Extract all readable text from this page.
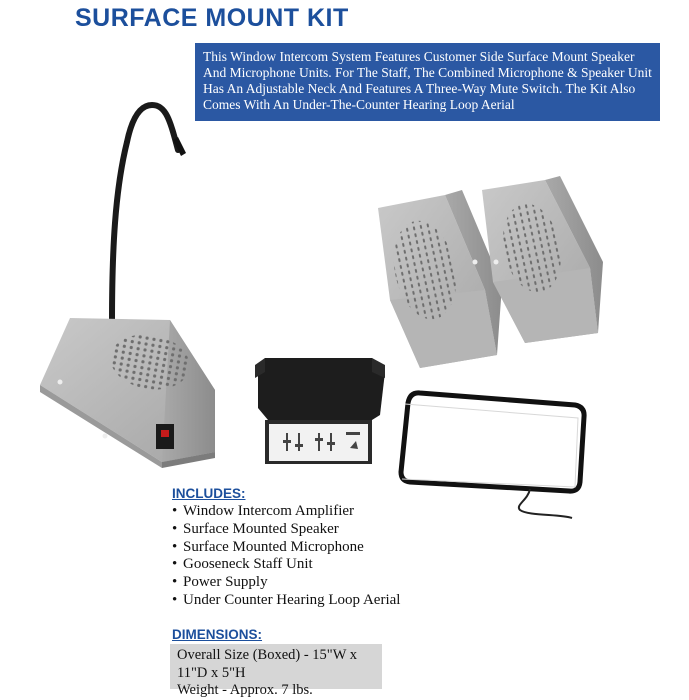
SURFACE MOUNT KIT
This Window Intercom System Features Customer Side Surface Mount Speaker And Microphone Units. For The Staff, The Combined Microphone & Speaker Unit Has An Adjustable Neck And Features A Three-Way Mute Switch. The Kit Also Comes With An Under-The-Counter Hearing Loop Aerial
INCLUDES:
• Window Intercom Amplifier
• Surface Mounted Speaker
• Surface Mounted Microphone
• Gooseneck Staff Unit
• Power Supply
• Under Counter Hearing Loop Aerial
DIMENSIONS:
Overall Size (Boxed) - 15"W x 11"D x 5"H
Weight - Approx. 7 lbs.
